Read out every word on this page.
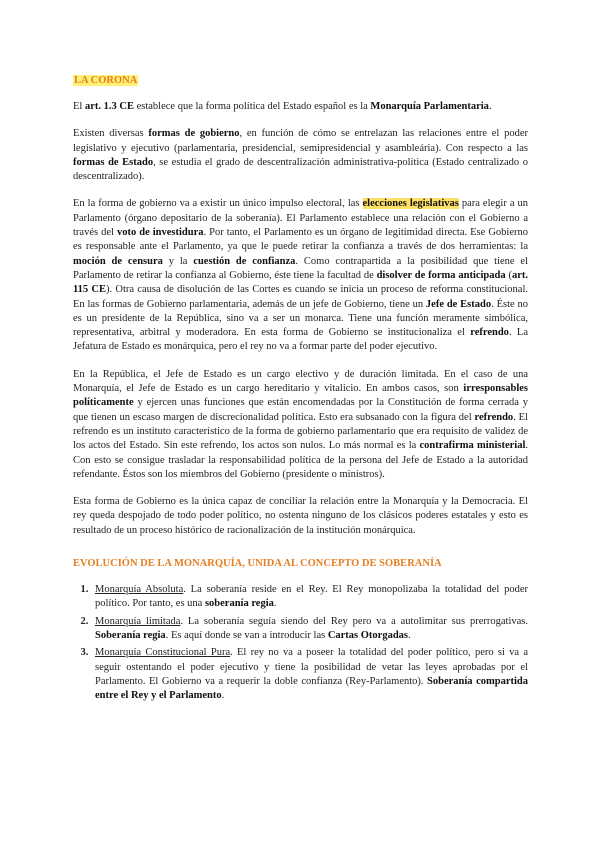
LA CORONA

El art. 1.3 CE establece que la forma política del Estado español es la Monarquía Parlamentaria.

Existen diversas formas de gobierno, en función de cómo se entrelazan las relaciones entre el poder legislativo y ejecutivo (parlamentaria, presidencial, semipresidencial y asambleária). Con respecto a las formas de Estado, se estudia el grado de descentralización administrativa-política (Estado centralizado o descentralizado).

En la forma de gobierno va a existir un único impulso electoral, las elecciones legislativas para elegir a un Parlamento (órgano depositario de la soberanía). El Parlamento establece una relación con el Gobierno a través del voto de investidura. Por tanto, el Parlamento es un órgano de legitimidad directa. Ese Gobierno es responsable ante el Parlamento, ya que le puede retirar la confianza a través de dos herramientas: la moción de censura y la cuestión de confianza. Como contrapartida a la posibilidad que tiene el Parlamento de retirar la confianza al Gobierno, éste tiene la facultad de disolver de forma anticipada (art. 115 CE). Otra causa de disolución de las Cortes es cuando se inicia un proceso de reforma constitucional. En las formas de Gobierno parlamentaria, además de un jefe de Gobierno, tiene un Jefe de Estado. Éste no es un presidente de la República, sino va a ser un monarca. Tiene una función meramente simbólica, representativa, arbitral y moderadora. En esta forma de Gobierno se institucionaliza el refrendo. La Jefatura de Estado es monárquica, pero el rey no va a formar parte del poder ejecutivo.

En la República, el Jefe de Estado es un cargo electivo y de duración limitada. En el caso de una Monarquía, el Jefe de Estado es un cargo hereditario y vitalicio. En ambos casos, son irresponsables políticamente y ejercen unas funciones que están encomendadas por la Constitución de forma cerrada y que tienen un escaso margen de discrecionalidad política. Esto era subsanado con la figura del refrendo. El refrendo es un instituto característico de la forma de gobierno parlamentario que era requisito de validez de los actos del Estado. Sin este refrendo, los actos son nulos. Lo más normal es la contrafirma ministerial. Con esto se consigue trasladar la responsabilidad política de la persona del Jefe de Estado a la autoridad refendante. Éstos son los miembros del Gobierno (presidente o ministros).

Esta forma de Gobierno es la única capaz de conciliar la relación entre la Monarquía y la Democracia. El rey queda despojado de todo poder político, no ostenta ninguno de los clásicos poderes estatales y esto es resultado de un proceso histórico de racionalización de la institución monárquica.

EVOLUCIÓN DE LA MONARQUÍA, UNIDA AL CONCEPTO DE SOBERANÍA
1. Monarquía Absoluta. La soberanía reside en el Rey. El Rey monopolizaba la totalidad del poder político. Por tanto, es una soberanía regia.
2. Monarquía limitada. La soberanía seguía siendo del Rey pero va a autolimitar sus prerrogativas. Soberanía regia. Es aquí donde se van a introducir las Cartas Otorgadas.
3. Monarquía Constitucional Pura. El rey no va a poseer la totalidad del poder político, pero si va a seguir ostentando el poder ejecutivo y tiene la posibilidad de vetar las leyes aprobadas por el Parlamento. El Gobierno va a requerir la doble confianza (Rey-Parlamento). Soberanía compartida entre el Rey y el Parlamento.
